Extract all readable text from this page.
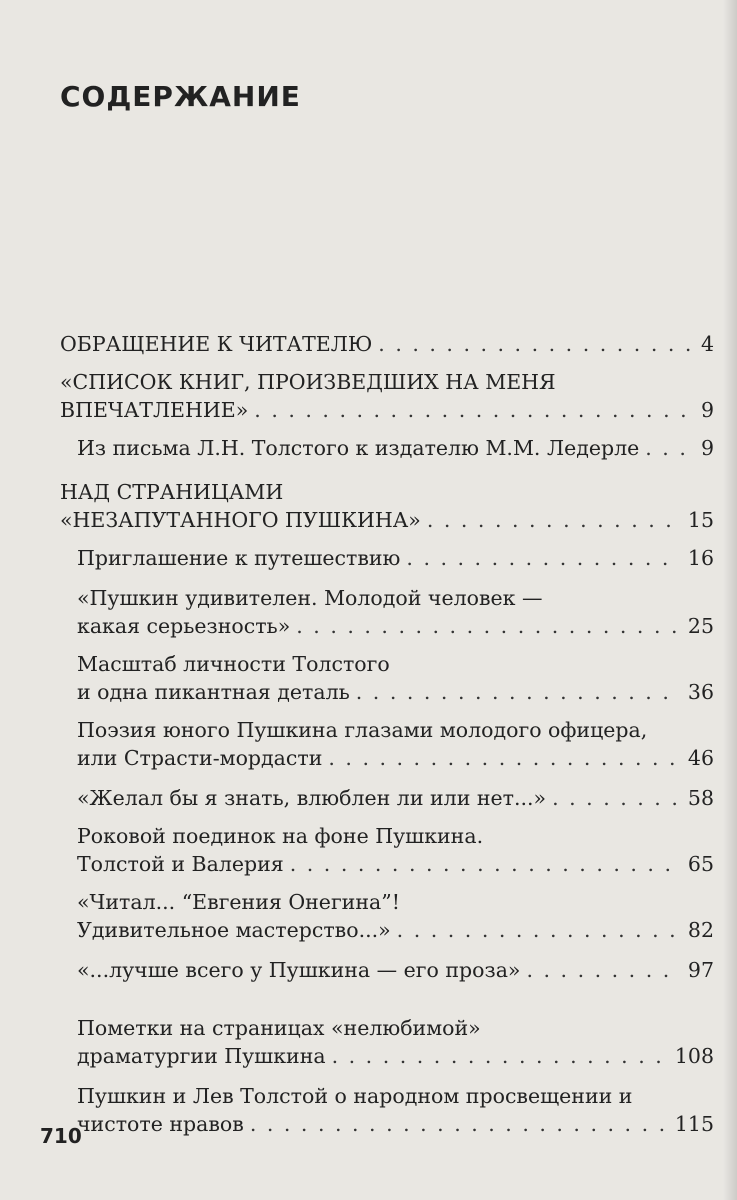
СОДЕРЖАНИЕ
ОБРАЩЕНИЕ К ЧИТАТЕЛЮ . . .	4
«СПИСОК КНИГ, ПРОИЗВЕДШИХ НА МЕНЯ
ВПЕЧАТЛЕНИЕ» . . .	9
Из письма Л.Н. Толстого к издателю М.М. Ледерле . . .	9
НАД СТРАНИЦАМИ
«НЕЗАПУТАННОГО ПУШКИНА» . . .	15
Приглашение к путешествию . . .	16
«Пушкин удивителен. Молодой человек —
какая серьезность» . . .	25
Масштаб личности Толстого
и одна пикантная деталь . . .	36
Поэзия юного Пушкина глазами молодого офицера,
или Страсти-мордасти . . .	46
«Желал бы я знать, влюблен ли или нет...» . . .	58
Роковой поединок на фоне Пушкина.
Толстой и Валерия . . .	65
«Читал... “Евгения Онегина”!
Удивительное мастерство...» . . .	82
«...лучше всего у Пушкина — его проза» . . .	97
Пометки на страницах «нелюбимой»
драматургии Пушкина . . .	108
Пушкин и Лев Толстой о народном просвещении и
чистоте нравов . . .	115
710
